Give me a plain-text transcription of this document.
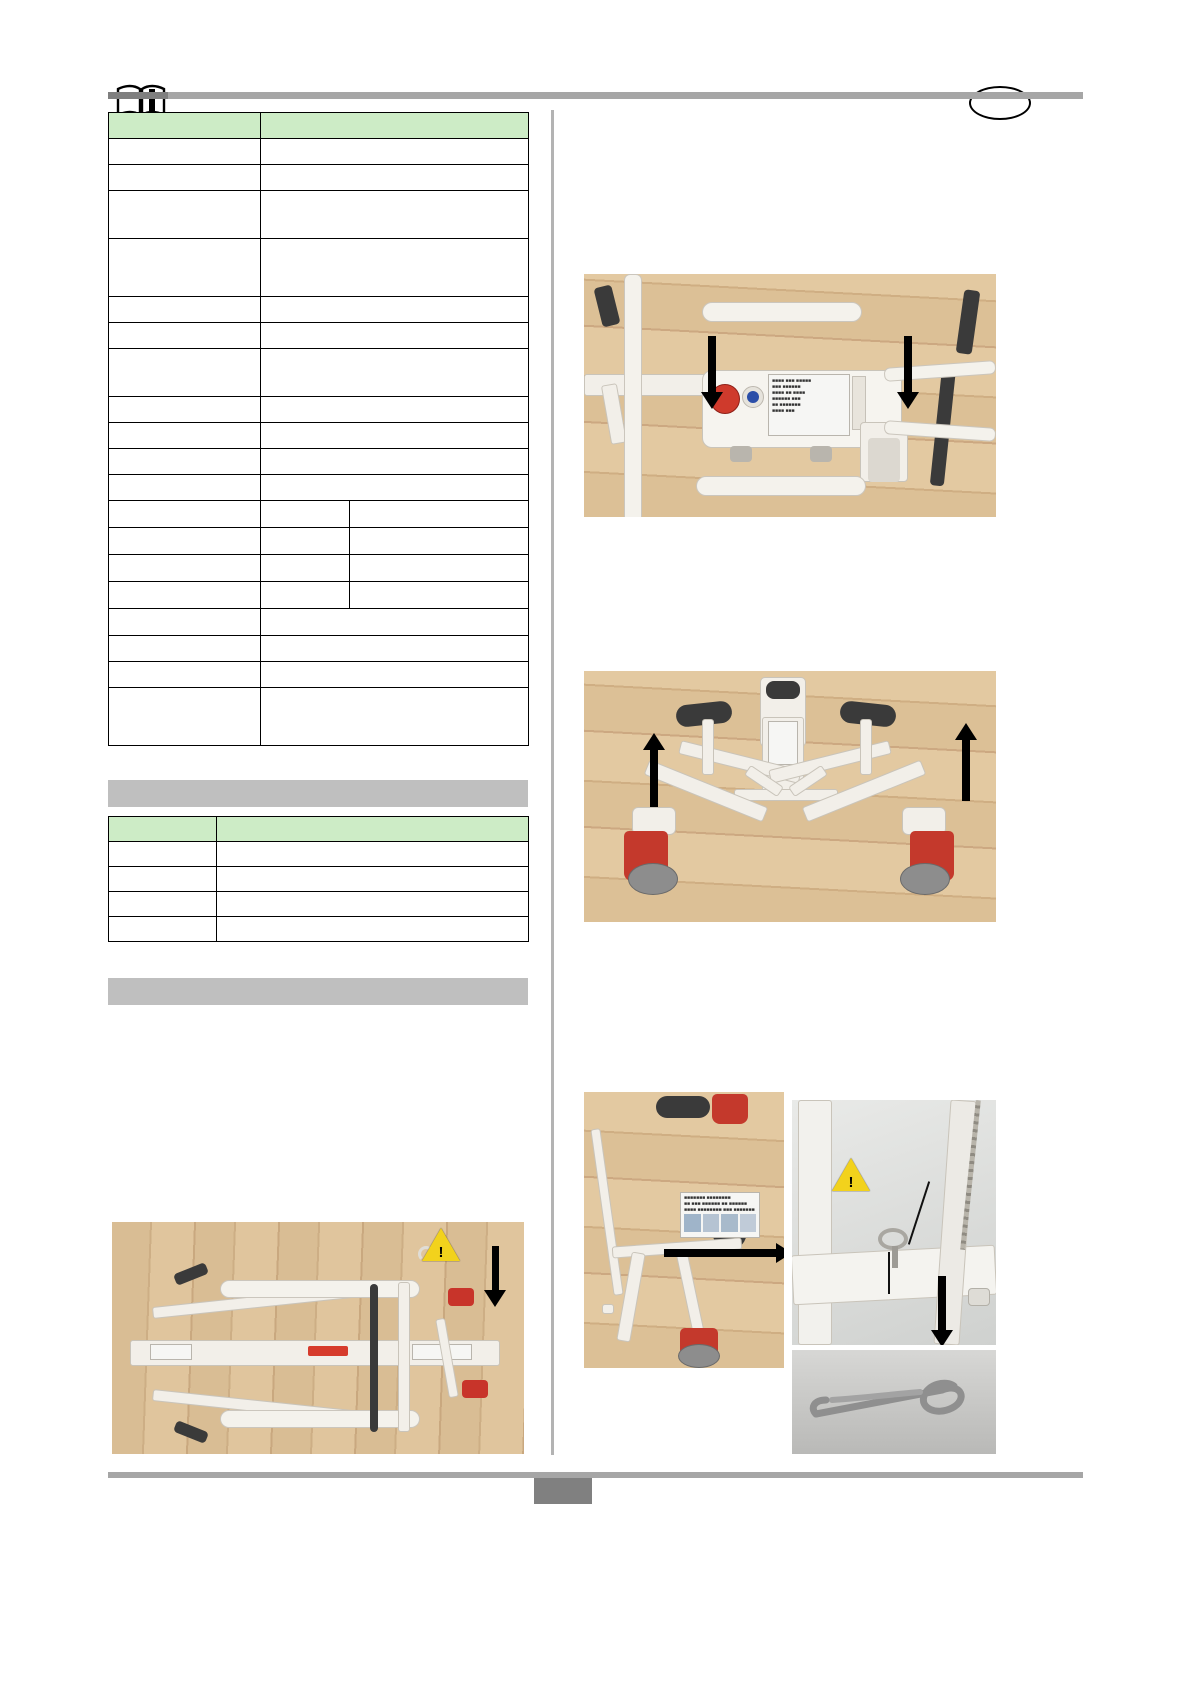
!
■■■■ ■■■ ■■■■■
■■■ ■■■■■■
■■■■ ■■ ■■■■
■■■■■■ ■■■
■■ ■■■■■■■
■■■■ ■■■
■■■■■■■ ■■■■■■■■
■■ ■■■ ■■■■■■ ■■ ■■■■■■
■■■■ ■■■■■■■■ ■■■ ■■■■■■■
!
